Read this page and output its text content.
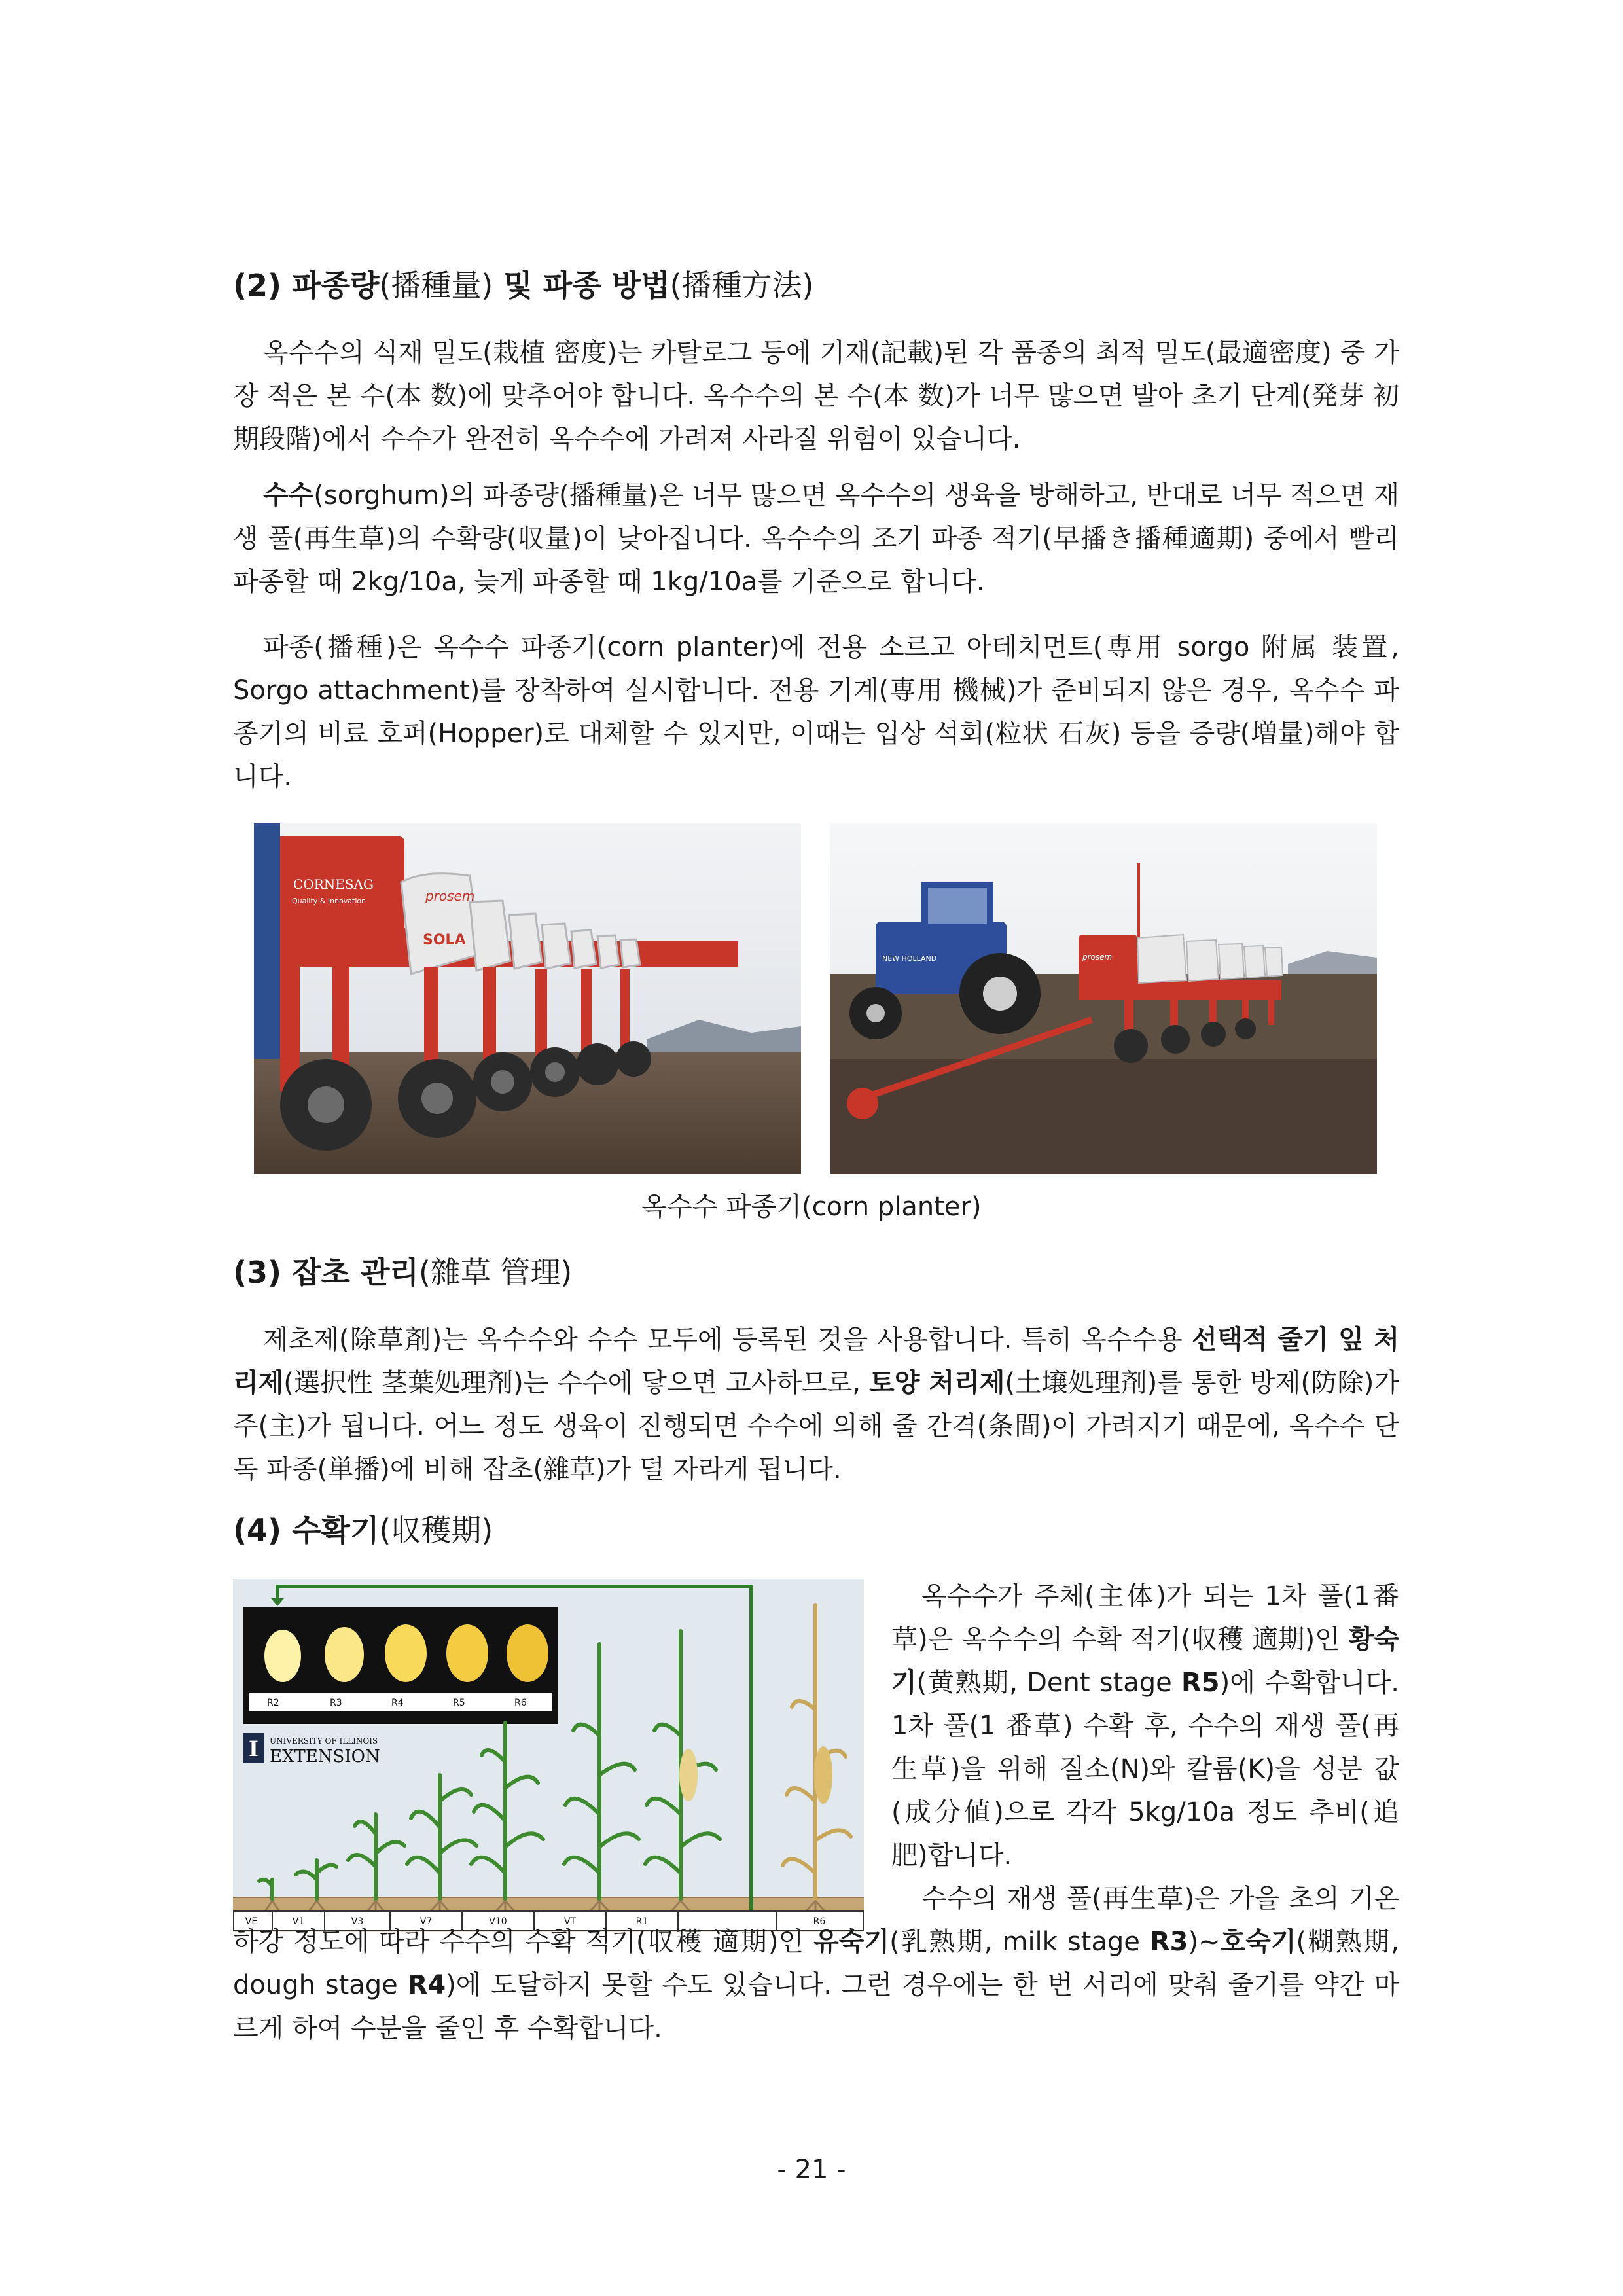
(2) 파종량(播種量) 및 파종 방법(播種方法)
옥수수의 식재 밀도(栽植 密度)는 카탈로그 등에 기재(記載)된 각 품종의 최적 밀도(最適密度) 중 가장 적은 본 수(本 数)에 맞추어야 합니다. 옥수수의 본 수(本 数)가 너무 많으면 발아 초기 단계(発芽 初期段階)에서 수수가 완전히 옥수수에 가려져 사라질 위험이 있습니다.
수수(sorghum)의 파종량(播種量)은 너무 많으면 옥수수의 생육을 방해하고, 반대로 너무 적으면 재생 풀(再生草)의 수확량(収量)이 낮아집니다. 옥수수의 조기 파종 적기(早播き播種適期) 중에서 빨리 파종할 때 2kg/10a, 늦게 파종할 때 1kg/10a를 기준으로 합니다.
파종(播種)은 옥수수 파종기(corn planter)에 전용 소르고 아테치먼트(専用 sorgo 附属 装置, Sorgo attachment)를 장착하여 실시합니다. 전용 기계(専用 機械)가 준비되지 않은 경우, 옥수수 파종기의 비료 호퍼(Hopper)로 대체할 수 있지만, 이때는 입상 석회(粒状 石灰) 등을 증량(増量)해야 합니다.
prosem
SOLA
CORNESAG
Quality & Innovation
NEW HOLLAND	prosem
옥수수 파종기(corn planter)
(3) 잡초 관리(雜草 管理)
제초제(除草剤)는 옥수수와 수수 모두에 등록된 것을 사용합니다. 특히 옥수수용 선택적 줄기 잎 처리제(選択性 茎葉処理剤)는 수수에 닿으면 고사하므로, 토양 처리제(土壌処理剤)를 통한 방제(防除)가 주(主)가 됩니다. 어느 정도 생육이 진행되면 수수에 의해 줄 간격(条間)이 가려지기 때문에, 옥수수 단독 파종(単播)에 비해 잡초(雜草)가 덜 자라게 됩니다.
(4) 수확기(収穫期)
R2	R3	R4	R5	R6
I UNIVERSITY OF ILLINOIS
EXTENSION
VE	V1	V3	V7	V10	VT	R1	R6
옥수수가 주체(主体)가 되는 1차 풀(1番草)은 옥수수의 수확 적기(収穫 適期)인 황숙기(黄熟期, Dent stage R5)에 수확합니다. 1차 풀(1 番草) 수확 후, 수수의 재생 풀(再生草)을 위해 질소(N)와 칼륨(K)을 성분 값(成分値)으로 각각 5kg/10a 정도 추비(追肥)합니다.
수수의 재생 풀(再生草)은 가을 초의 기온 하강 정도에 따라 수수의 수확 적기(収穫 適期)인 유숙기(乳熟期, milk stage R3)~호숙기(糊熟期, dough stage R4)에 도달하지 못할 수도 있습니다. 그런 경우에는 한 번 서리에 맞춰 줄기를 약간 마르게 하여 수분을 줄인 후 수확합니다.
- 21 -
